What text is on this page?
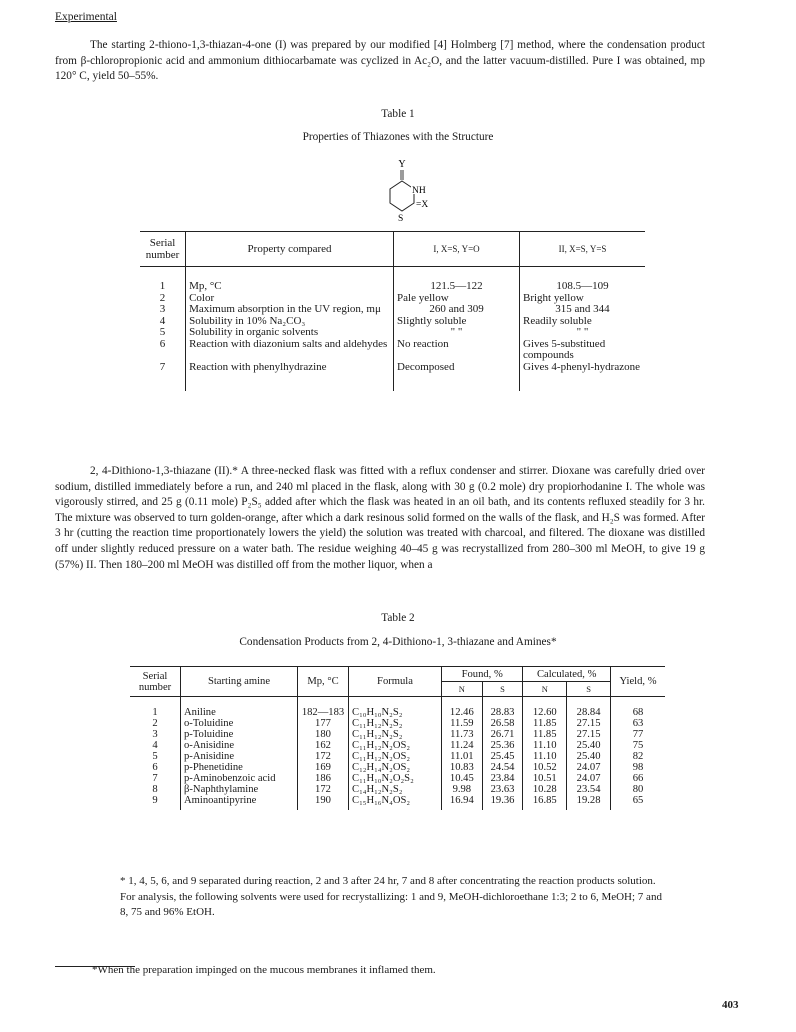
Experimental

The starting 2-thiono-1,3-thiazan-4-one (I) was prepared by our modified [4] Holmberg [7] method, where the condensation product from β-chloropropionic acid and ammonium dithiocarbamate was cyclized in Ac₂O, and the latter vacuum-distilled. Pure I was obtained, mp 120° C, yield 50–55%.

Table 1
Properties of Thiazones with the Structure
Y
NH
=X
S
Serial number	Property compared	I, X=S, Y=O	II, X=S, Y=S
1	Mp, °C	121.5—122	108.5—109
2	Color	Pale yellow	Bright yellow
3	Maximum absorption in the UV region, mμ	260 and 309	315 and 344
4	Solubility in 10% Na₂CO₃	Slightly soluble	Readily soluble
5	Solubility in organic solvents	" "	" "
6	Reaction with diazonium salts and aldehydes	No reaction	Gives 5-substitued compounds
7	Reaction with phenylhydrazine	Decomposed	Gives 4-phenyl-hydrazone

2, 4-Dithiono-1,3-thiazane (II).* A three-necked flask was fitted with a reflux condenser and stirrer. Dioxane was carefully dried over sodium, distilled immediately before a run, and 240 ml placed in the flask, along with 30 g (0.2 mole) dry propiorhodanine I. The whole was vigorously stirred, and 25 g (0.11 mole) P₂S₅ added after which the flask was heated in an oil bath, and its contents refluxed steadily for 3 hr. The mixture was observed to turn golden-orange, after which a dark resinous solid formed on the walls of the flask, and H₂S was formed. After 3 hr (cutting the reaction time proportionately lowers the yield) the solution was treated with charcoal, and filtered. The dioxane was distilled off under slightly reduced pressure on a water bath. The residue weighing 40–45 g was recrystallized from 280–300 ml MeOH, to give 19 g (57%) II. Then 180–200 ml MeOH was distilled off from the mother liquor, when a

Table 2
Condensation Products from 2, 4-Dithiono-1, 3-thiazane and Amines*
Serial number	Starting amine	Mp, °C	Formula	Found, %		Calculated, %		Yield, %
				N	S	N	S	
1	Aniline	182—183	C₁₀H₁₀N₂S₂	12.46	28.83	12.60	28.84	68
2	o-Toluidine	177	C₁₁H₁₂N₂S₂	11.59	26.58	11.85	27.15	63
3	p-Toluidine	180	C₁₁H₁₂N₂S₂	11.73	26.71	11.85	27.15	77
4	o-Anisidine	162	C₁₁H₁₂N₂OS₂	11.24	25.36	11.10	25.40	75
5	p-Anisidine	172	C₁₁H₁₂N₂OS₂	11.01	25.45	11.10	25.40	82
6	p-Phenetidine	169	C₁₂H₁₄N₂OS₂	10.83	24.54	10.52	24.07	98
7	p-Aminobenzoic acid	186	C₁₁H₁₀N₂O₂S₂	10.45	23.84	10.51	24.07	66
8	β-Naphthylamine	172	C₁₄H₁₂N₂S₂	9.98	23.63	10.28	23.54	80
9	Aminoantipyrine	190	C₁₅H₁₆N₄OS₂	16.94	19.36	16.85	19.28	65
* 1, 4, 5, 6, and 9 separated during reaction, 2 and 3 after 24 hr, 7 and 8 after concentrating the reaction products solution. For analysis, the following solvents were used for recrystallizing: 1 and 9, MeOH-dichloroethane 1:3; 2 to 6, MeOH; 7 and 8, 75 and 96% EtOH.
*When the preparation impinged on the mucous membranes it inflamed them.
403
